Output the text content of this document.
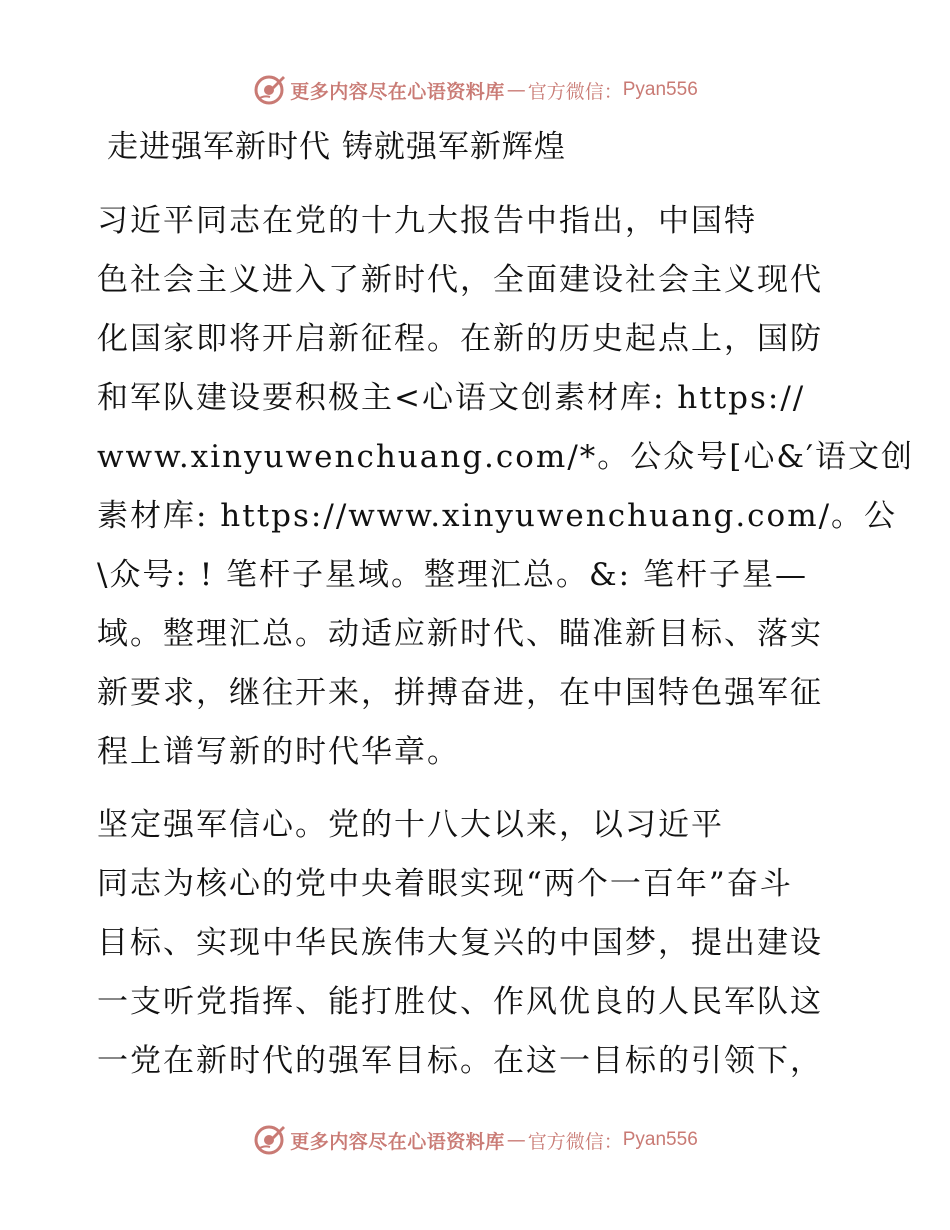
更多内容尽在心语资料库 — 官方微信： Pyan556
走进强军新时代 铸就强军新辉煌

习近平同志在党的十九大报告中指出，中国特
色社会主义进入了新时代，全面建设社会主义现代
化国家即将开启新征程。在新的历史起点上，国防
和军队建设要积极主<心语文创素材库: https://
www.xinyuwenchuang.com/*。公众号[心&′语文创
素材库: https://www.xinyuwenchuang.com/。公
\众号: ! 笔杆子星域。整理汇总。&: 笔杆子星—
域。整理汇总。动适应新时代、瞄准新目标、落实
新要求，继往开来，拼搏奋进，在中国特色强军征
程上谱写新的时代华章。

坚定强军信心。党的十八大以来，以习近平
同志为核心的党中央着眼实现“两个一百年”奋斗
目标、实现中华民族伟大复兴的中国梦，提出建设
一支听党指挥、能打胜仗、作风优良的人民军队这
一党在新时代的强军目标。在这一目标的引领下，

更多内容尽在心语资料库 — 官方微信： Pyan556
